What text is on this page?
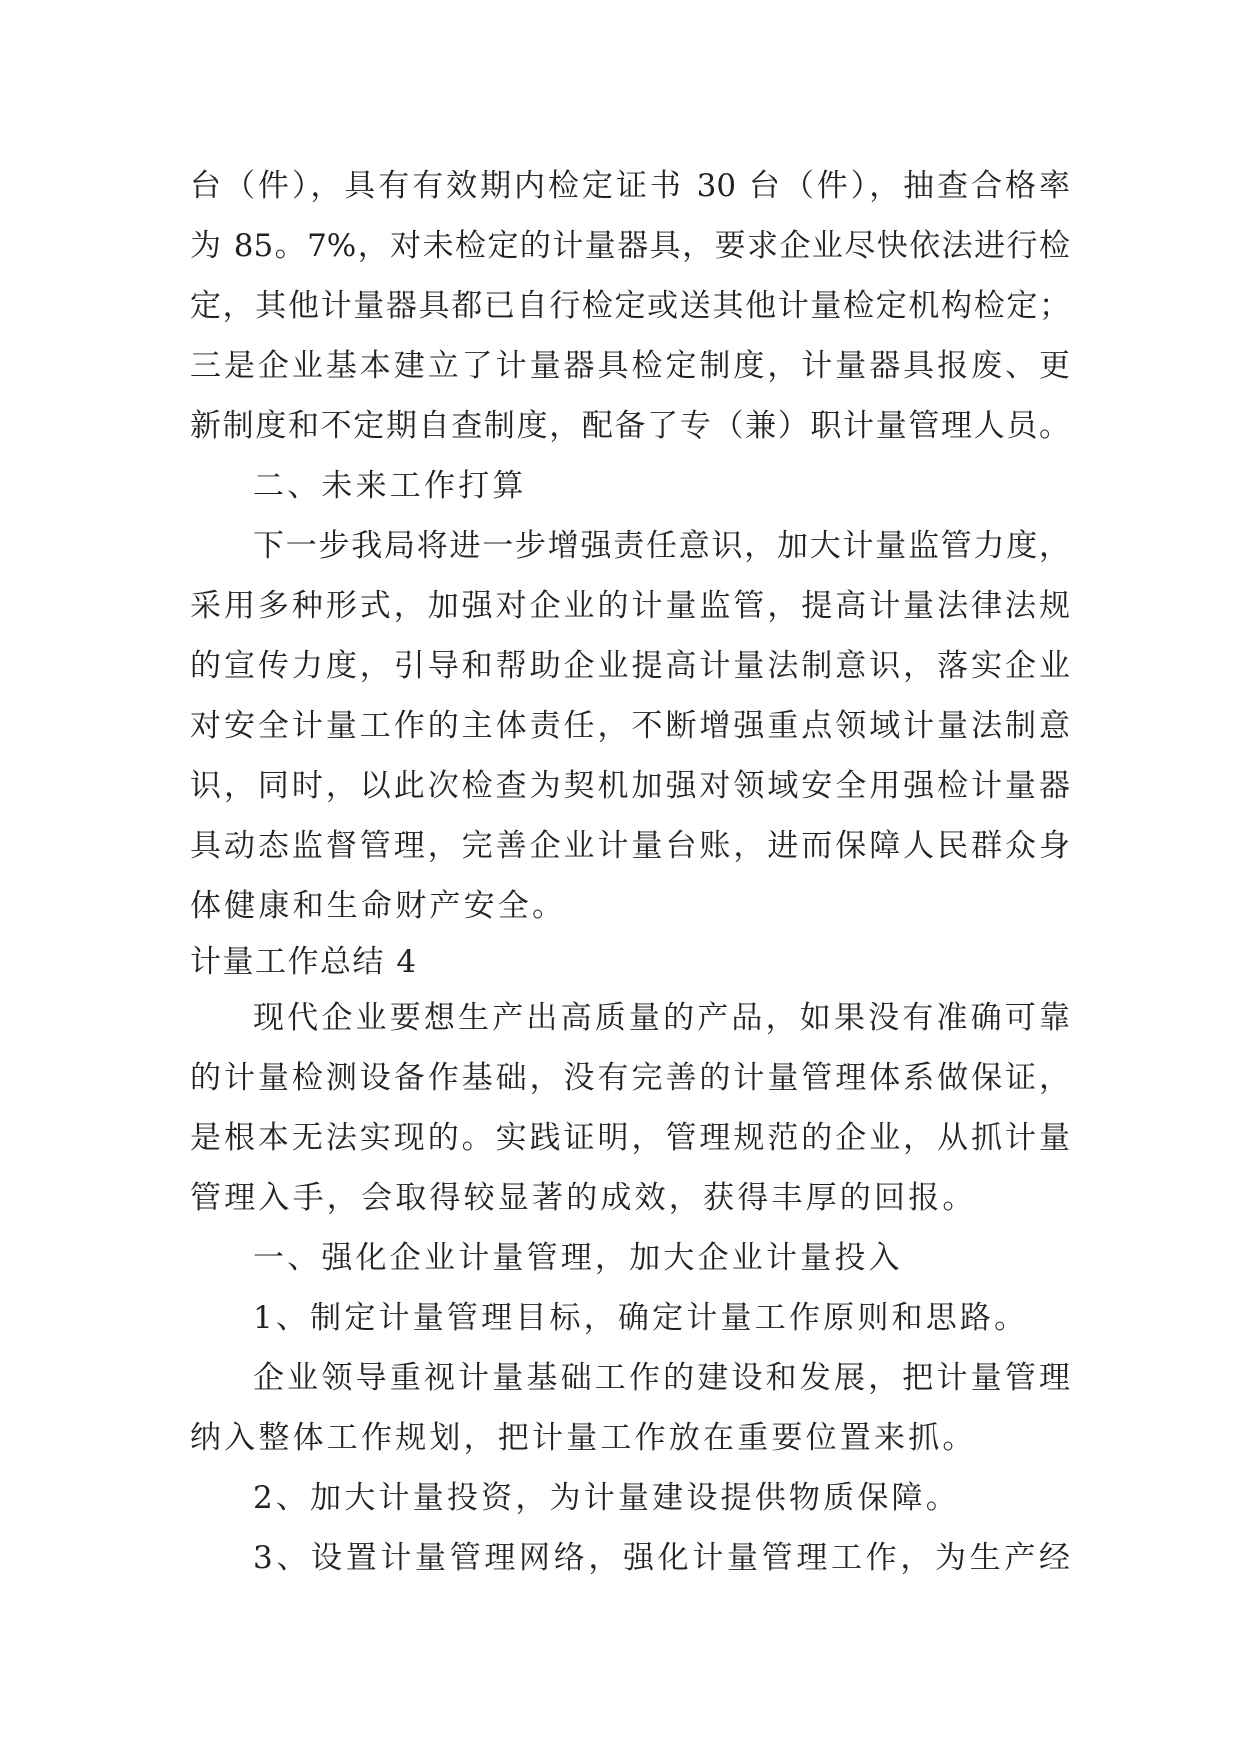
台（件），具有有效期内检定证书 30 台（件），抽查合格率
为 85。7%，对未检定的计量器具，要求企业尽快依法进行检
定，其他计量器具都已自行检定或送其他计量检定机构检定；
三是企业基本建立了计量器具检定制度，计量器具报废、更
新制度和不定期自查制度，配备了专（兼）职计量管理人员。
二、未来工作打算
下一步我局将进一步增强责任意识，加大计量监管力度，
采用多种形式，加强对企业的计量监管，提高计量法律法规
的宣传力度，引导和帮助企业提高计量法制意识，落实企业
对安全计量工作的主体责任，不断增强重点领域计量法制意
识，同时，以此次检查为契机加强对领域安全用强检计量器
具动态监督管理，完善企业计量台账，进而保障人民群众身
体健康和生命财产安全。
计量工作总结 4
现代企业要想生产出高质量的产品，如果没有准确可靠
的计量检测设备作基础，没有完善的计量管理体系做保证，
是根本无法实现的。实践证明，管理规范的企业，从抓计量
管理入手，会取得较显著的成效，获得丰厚的回报。
一、强化企业计量管理，加大企业计量投入
1、制定计量管理目标，确定计量工作原则和思路。
企业领导重视计量基础工作的建设和发展，把计量管理
纳入整体工作规划，把计量工作放在重要位置来抓。
2、加大计量投资，为计量建设提供物质保障。
3、设置计量管理网络，强化计量管理工作，为生产经
